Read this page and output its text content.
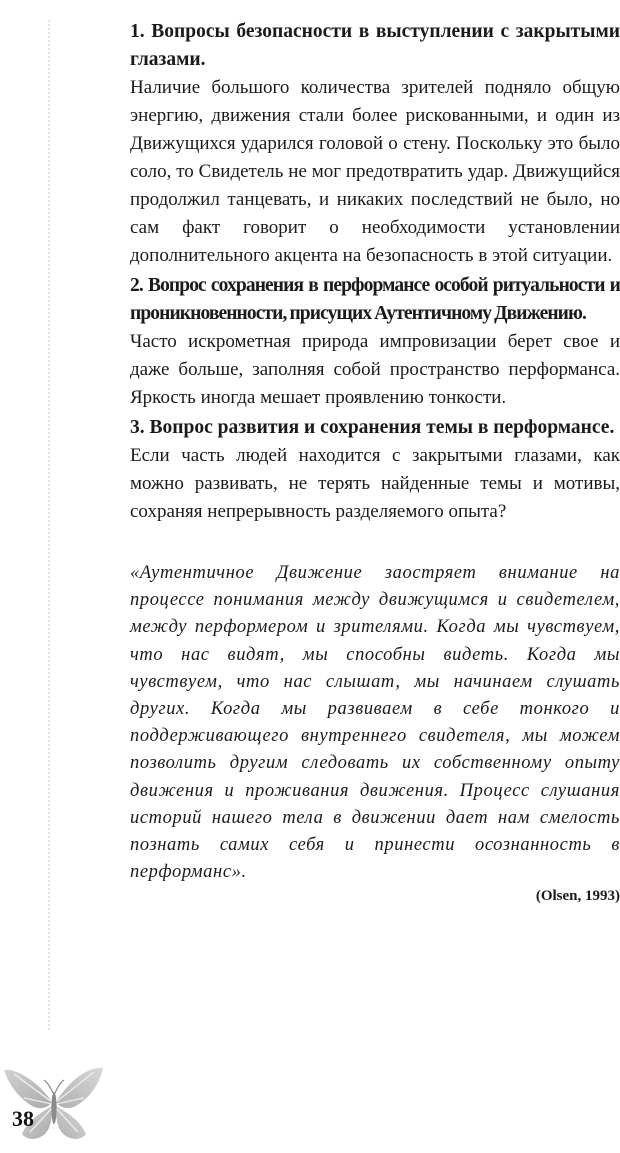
1. Вопросы безопасности в выступлении с закрытыми глазами.

Наличие большого количества зрителей подняло общую энергию, движения стали более рискованными, и один из Движущихся ударился головой о стену. Поскольку это было соло, то Свидетель не мог предотвратить удар. Движущийся продолжил танцевать, и никаких последствий не было, но сам факт говорит о необходимости установлении дополнительного акцента на безопасность в этой ситуации.

2. Вопрос сохранения в перформансе особой ритуальности и проникновенности, присущих Аутентичному Движению.

Часто искрометная природа импровизации берет свое и даже больше, заполняя собой пространство перформанса. Яркость иногда мешает проявлению тонкости.

3. Вопрос развития и сохранения темы в перформансе.

Если часть людей находится с закрытыми глазами, как можно развивать, не терять найденные темы и мотивы, сохраняя непрерывность разделяемого опыта?

«Аутентичное Движение заостряет внимание на процессе понимания между движущимся и свидетелем, между перформером и зрителями. Когда мы чувствуем, что нас видят, мы способны видеть. Когда мы чувствуем, что нас слышат, мы начинаем слушать других. Когда мы развиваем в себе тонкого и поддерживающего внутреннего свидетеля, мы можем позволить другим следовать их собственному опыту движения и проживания движения. Процесс слушания историй нашего тела в движении дает нам смелость познать самих себя и принести осознанность в перформанс».
(Olsen, 1993)
38
